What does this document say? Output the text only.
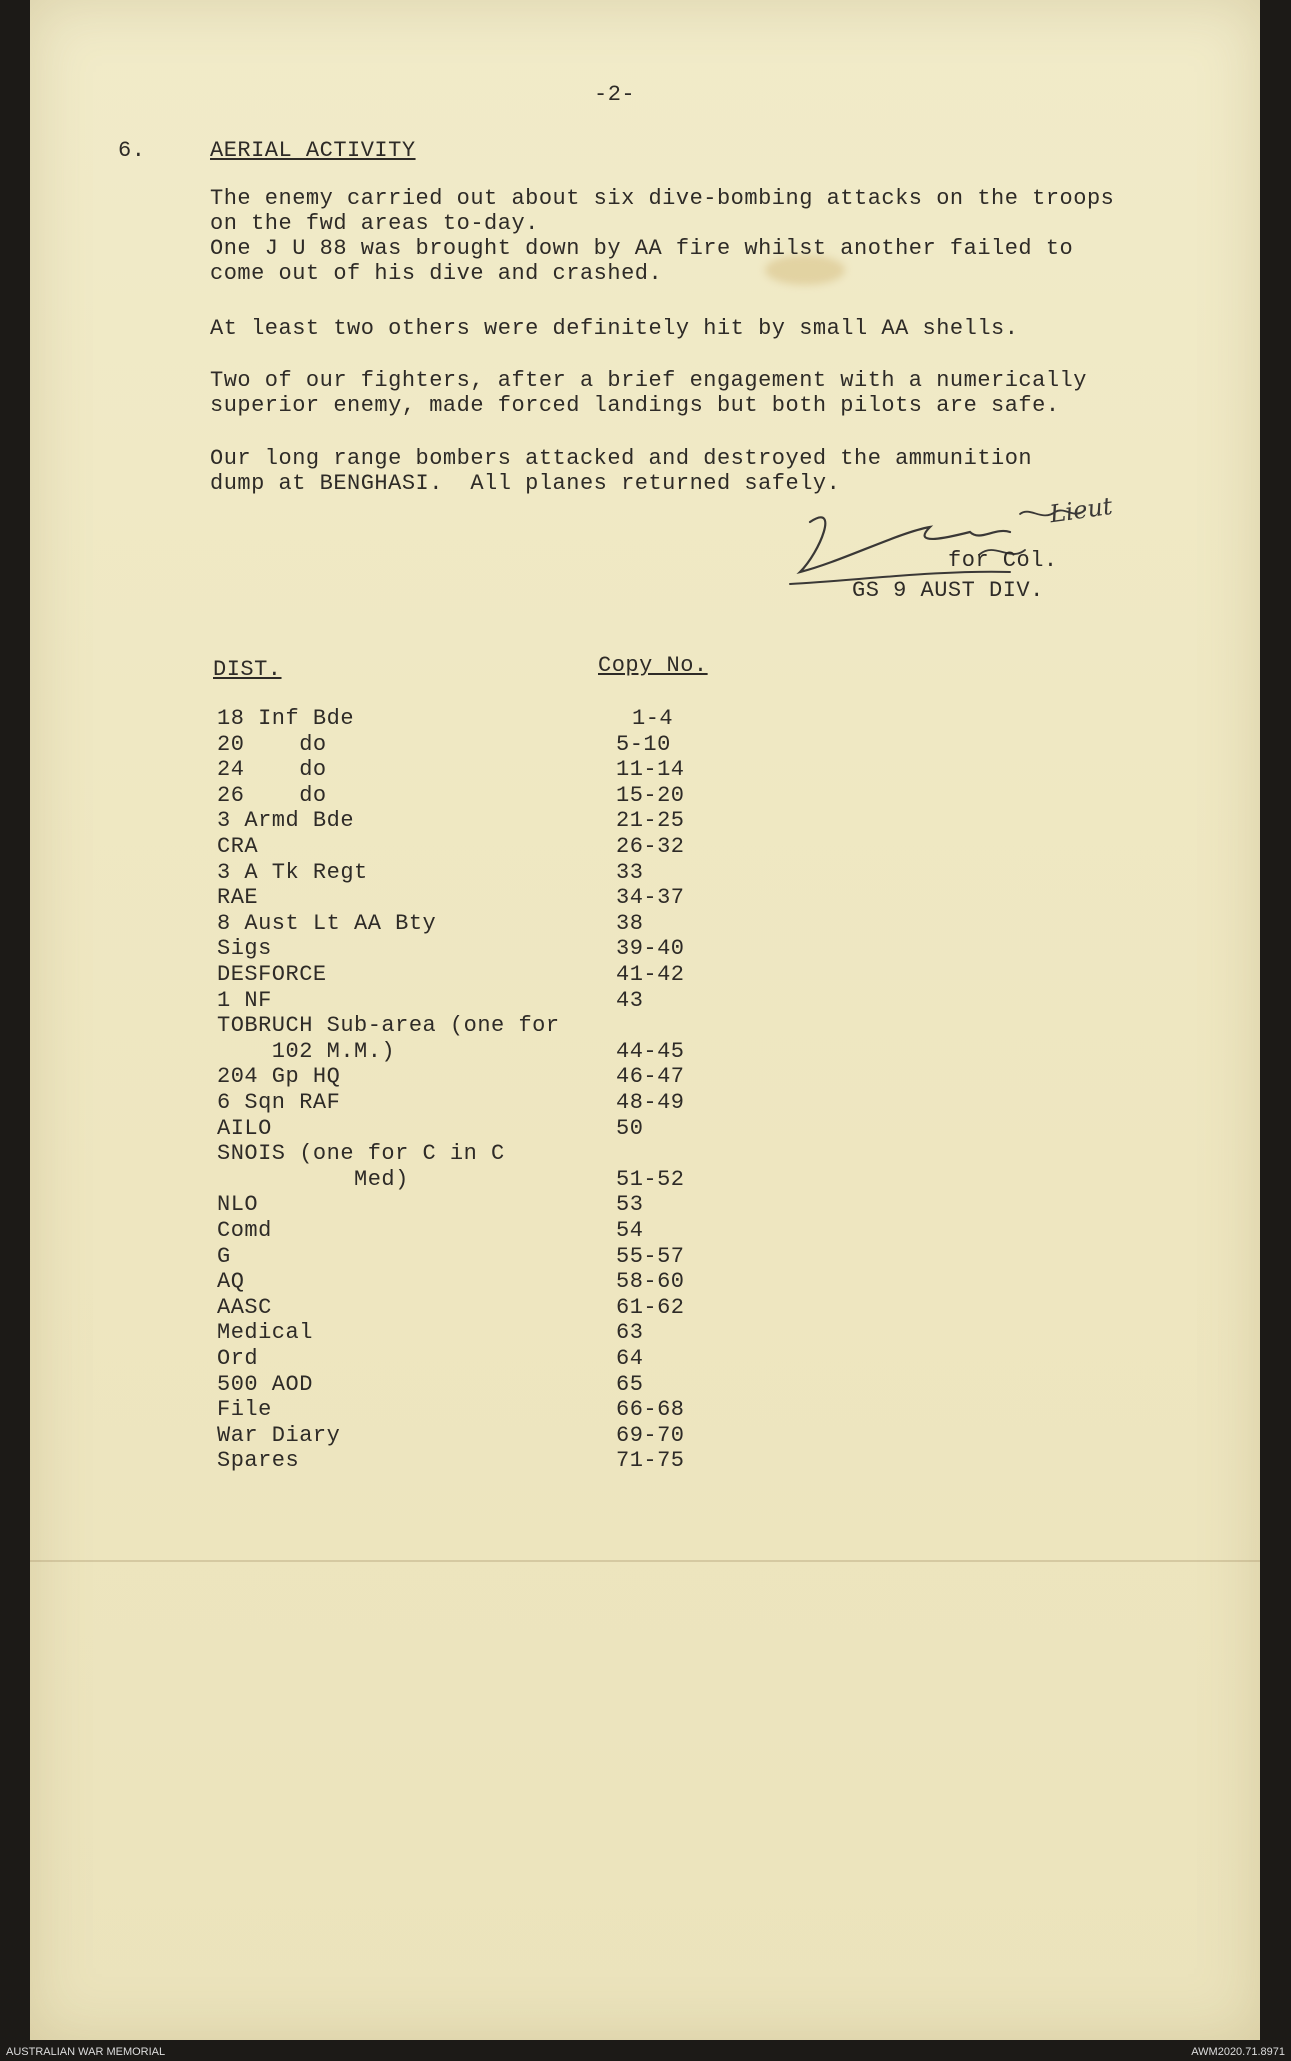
-2-
6.	AERIAL ACTIVITY
The enemy carried out about six dive-bombing attacks on the troops
on the fwd areas to-day.
One J U 88 was brought down by AA fire whilst another failed to
come out of his dive and crashed.
At least two others were definitely hit by small AA shells.
Two of our fighters, after a brief engagement with a numerically
superior enemy, made forced landings but both pilots are safe.
Our long range bombers attacked and destroyed the ammunition
dump at BENGHASI.  All planes returned safely.
Lieut
for Col.
GS 9 AUST DIV.
DIST.	Copy No.
18 Inf Bde	1-4
20    do	5-10
24    do	11-14
26    do	15-20
3 Armd Bde	21-25
CRA	26-32
3 A Tk Regt	33
RAE	34-37
8 Aust Lt AA Bty	38
Sigs	39-40
DESFORCE	41-42
1 NF	43
TOBRUCH Sub-area (one for
102 M.M.)	44-45
204 Gp HQ	46-47
6 Sqn RAF	48-49
AILO	50
SNOIS (one for C in C
Med)	51-52
NLO	53
Comd	54
G	55-57
AQ	58-60
AASC	61-62
Medical	63
Ord	64
500 AOD	65
File	66-68
War Diary	69-70
Spares	71-75
AUSTRALIAN WAR MEMORIAL	AWM2020.71.8971
